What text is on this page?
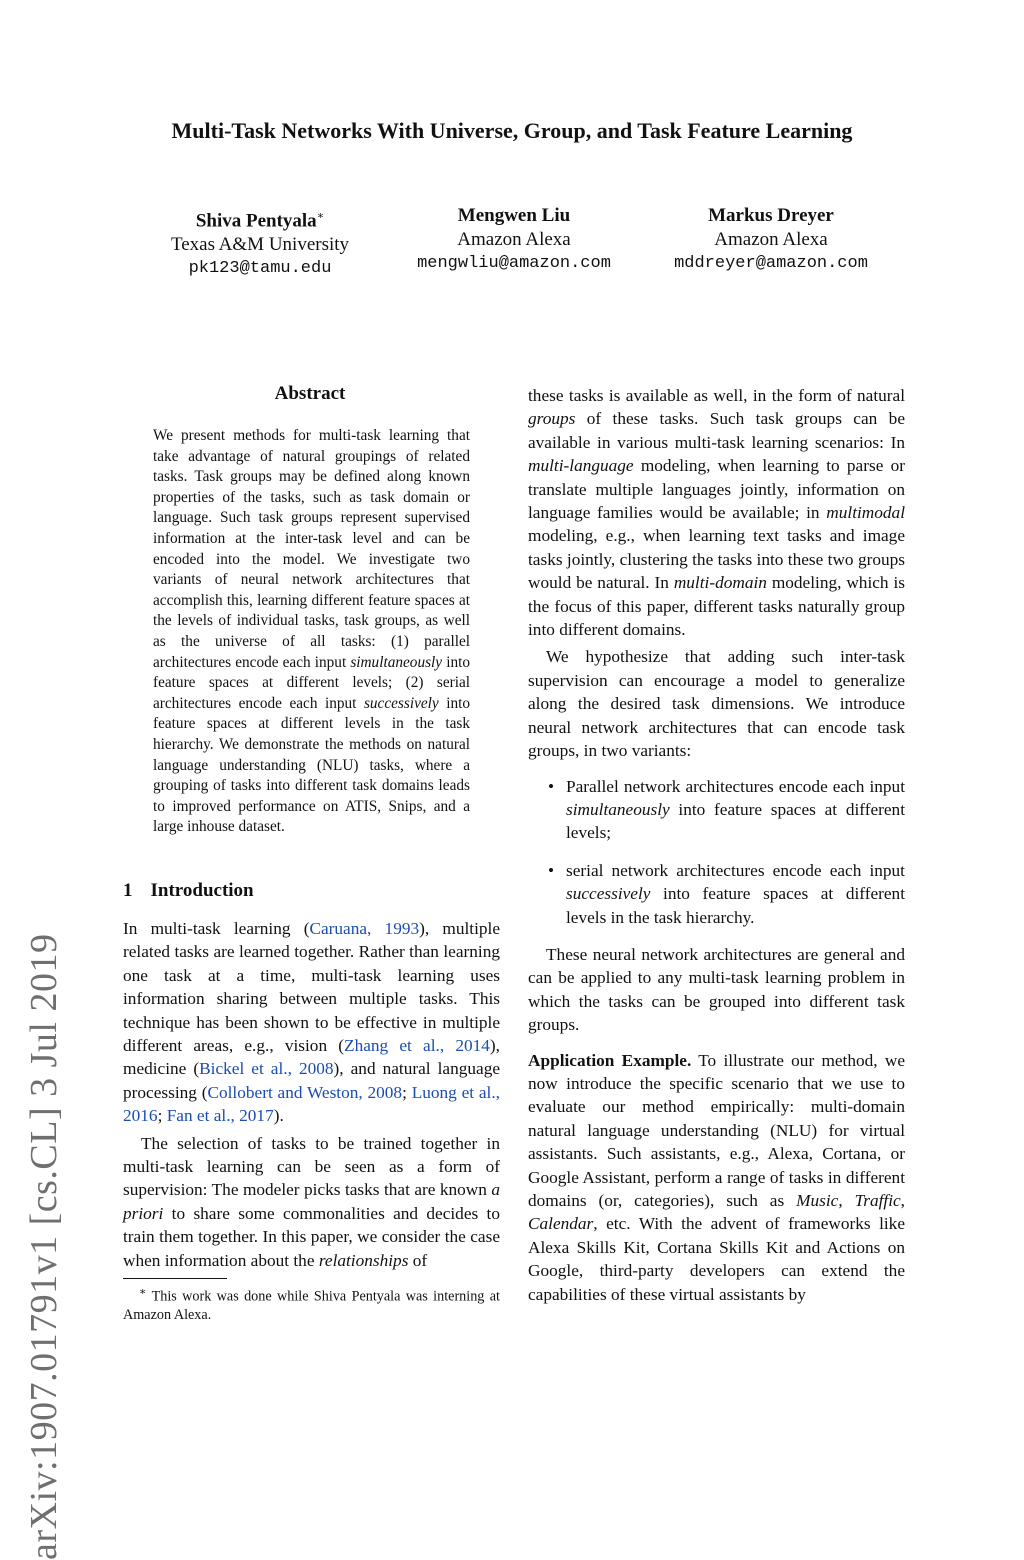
arXiv:1907.01791v1 [cs.CL] 3 Jul 2019
Multi-Task Networks With Universe, Group, and Task Feature Learning
Shiva Pentyala∗
Texas A&M University
pk123@tamu.edu
Mengwen Liu
Amazon Alexa
mengwliu@amazon.com
Markus Dreyer
Amazon Alexa
mddreyer@amazon.com
Abstract

We present methods for multi-task learning that take advantage of natural groupings of related tasks. Task groups may be defined along known properties of the tasks, such as task domain or language. Such task groups represent supervised information at the inter-task level and can be encoded into the model. We investigate two variants of neural network architectures that accomplish this, learning different feature spaces at the levels of individual tasks, task groups, as well as the universe of all tasks: (1) parallel architectures encode each input simultaneously into feature spaces at different levels; (2) serial architectures encode each input successively into feature spaces at different levels in the task hierarchy. We demonstrate the methods on natural language understanding (NLU) tasks, where a grouping of tasks into different task domains leads to improved performance on ATIS, Snips, and a large inhouse dataset.

1 Introduction

In multi-task learning (Caruana, 1993), multiple related tasks are learned together. Rather than learning one task at a time, multi-task learning uses information sharing between multiple tasks. This technique has been shown to be effective in multiple different areas, e.g., vision (Zhang et al., 2014), medicine (Bickel et al., 2008), and natural language processing (Collobert and Weston, 2008; Luong et al., 2016; Fan et al., 2017).

The selection of tasks to be trained together in multi-task learning can be seen as a form of supervision: The modeler picks tasks that are known a priori to share some commonalities and decides to train them together. In this paper, we consider the case when information about the relationships of

∗ This work was done while Shiva Pentyala was interning at Amazon Alexa.

these tasks is available as well, in the form of natural groups of these tasks. Such task groups can be available in various multi-task learning scenarios: In multi-language modeling, when learning to parse or translate multiple languages jointly, information on language families would be available; in multimodal modeling, e.g., when learning text tasks and image tasks jointly, clustering the tasks into these two groups would be natural. In multi-domain modeling, which is the focus of this paper, different tasks naturally group into different domains.

We hypothesize that adding such inter-task supervision can encourage a model to generalize along the desired task dimensions. We introduce neural network architectures that can encode task groups, in two variants:

• Parallel network architectures encode each input simultaneously into feature spaces at different levels;
• serial network architectures encode each input successively into feature spaces at different levels in the task hierarchy.

These neural network architectures are general and can be applied to any multi-task learning problem in which the tasks can be grouped into different task groups.

Application Example. To illustrate our method, we now introduce the specific scenario that we use to evaluate our method empirically: multi-domain natural language understanding (NLU) for virtual assistants. Such assistants, e.g., Alexa, Cortana, or Google Assistant, perform a range of tasks in different domains (or, categories), such as Music, Traffic, Calendar, etc. With the advent of frameworks like Alexa Skills Kit, Cortana Skills Kit and Actions on Google, third-party developers can extend the capabilities of these virtual assistants by
